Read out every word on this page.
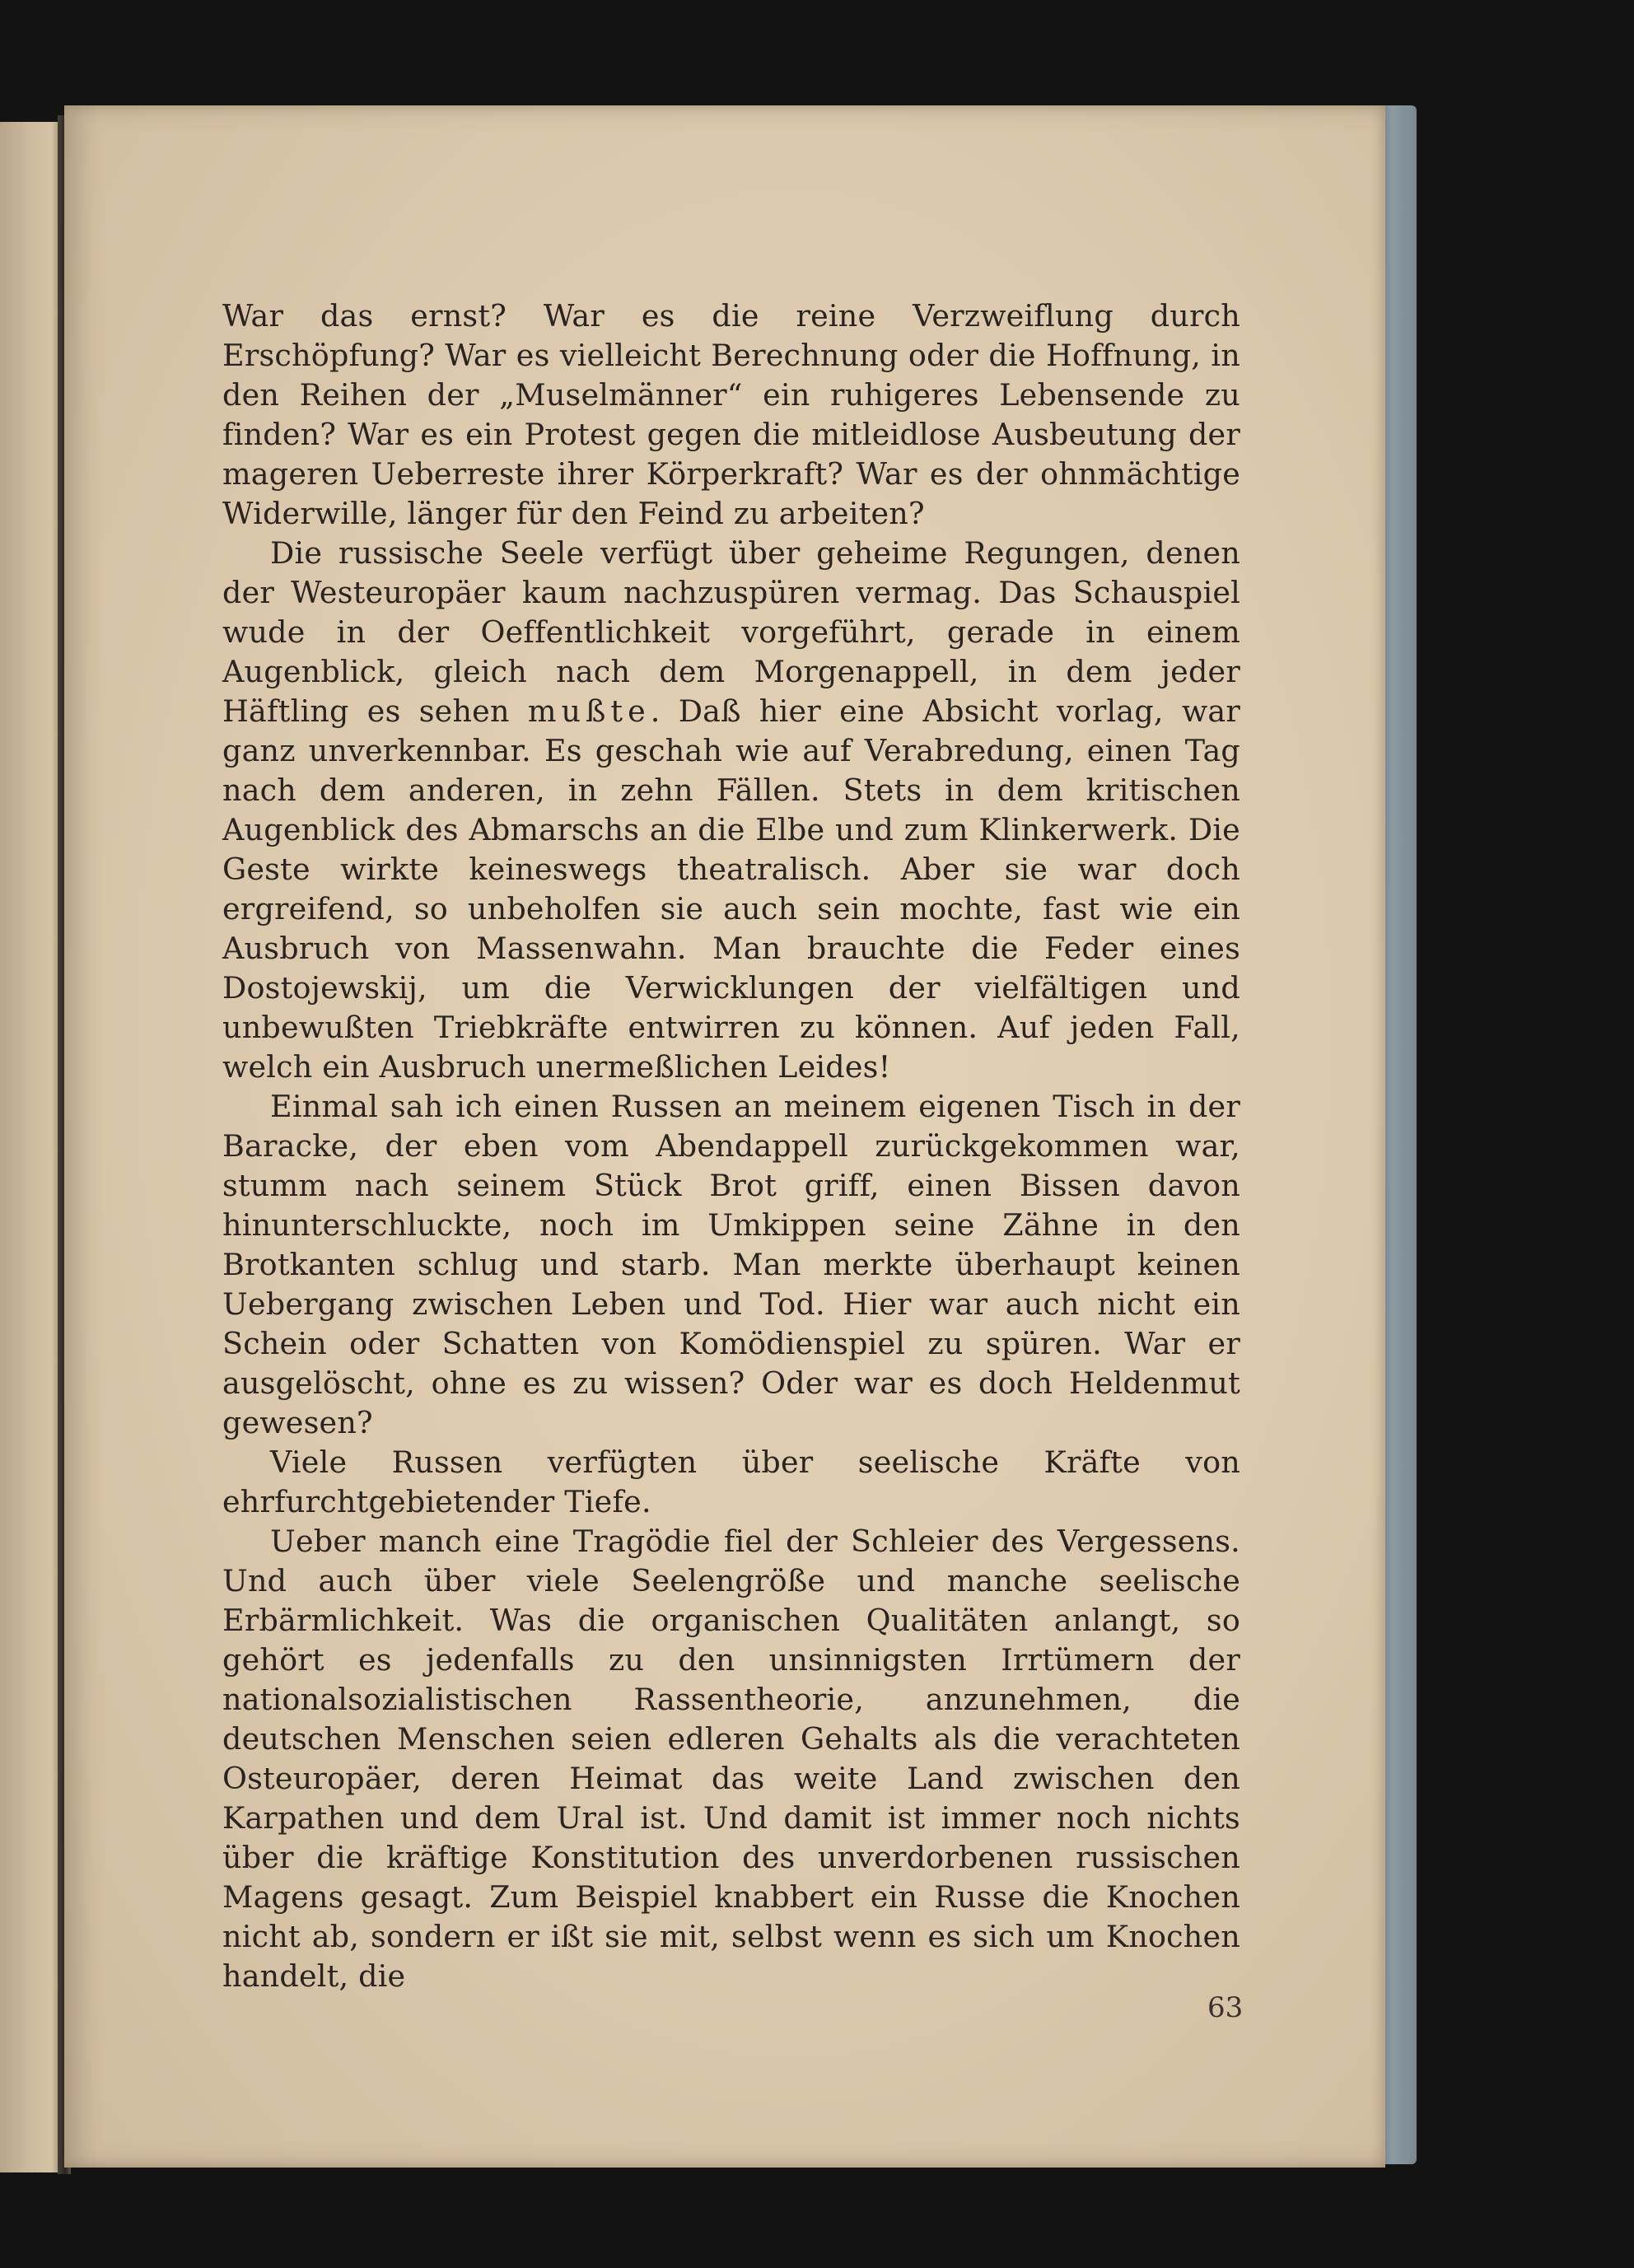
War das ernst? War es die reine Verzweiflung durch Erschöpfung? War es vielleicht Berechnung oder die Hoffnung, in den Reihen der „Muselmänner“ ein ruhigeres Lebensende zu finden? War es ein Protest gegen die mitleidlose Ausbeutung der mageren Ueberreste ihrer Körperkraft? War es der ohnmächtige Widerwille, länger für den Feind zu arbeiten?

Die russische Seele verfügt über geheime Regungen, denen der Westeuropäer kaum nachzuspüren vermag. Das Schauspiel wude in der Oeffentlichkeit vorgeführt, gerade in einem Augenblick, gleich nach dem Morgenappell, in dem jeder Häftling es sehen mußte. Daß hier eine Absicht vorlag, war ganz unverkennbar. Es geschah wie auf Verabredung, einen Tag nach dem anderen, in zehn Fällen. Stets in dem kritischen Augenblick des Abmarschs an die Elbe und zum Klinkerwerk. Die Geste wirkte keineswegs theatralisch. Aber sie war doch ergreifend, so unbeholfen sie auch sein mochte, fast wie ein Ausbruch von Massenwahn. Man brauchte die Feder eines Dostojewskij, um die Verwicklungen der vielfältigen und unbewußten Triebkräfte entwirren zu können. Auf jeden Fall, welch ein Ausbruch unermeßlichen Leides!

Einmal sah ich einen Russen an meinem eigenen Tisch in der Baracke, der eben vom Abendappell zurückgekommen war, stumm nach seinem Stück Brot griff, einen Bissen davon hinunterschluckte, noch im Umkippen seine Zähne in den Brotkanten schlug und starb. Man merkte überhaupt keinen Uebergang zwischen Leben und Tod. Hier war auch nicht ein Schein oder Schatten von Komödienspiel zu spüren. War er ausgelöscht, ohne es zu wissen? Oder war es doch Heldenmut gewesen?

Viele Russen verfügten über seelische Kräfte von ehrfurchtgebietender Tiefe.

Ueber manch eine Tragödie fiel der Schleier des Vergessens. Und auch über viele Seelengröße und manche seelische Erbärmlichkeit. Was die organischen Qualitäten anlangt, so gehört es jedenfalls zu den unsinnigsten Irrtümern der nationalsozialistischen Rassentheorie, anzunehmen, die deutschen Menschen seien edleren Gehalts als die verachteten Osteuropäer, deren Heimat das weite Land zwischen den Karpathen und dem Ural ist. Und damit ist immer noch nichts über die kräftige Konstitution des unverdorbenen russischen Magens gesagt. Zum Beispiel knabbert ein Russe die Knochen nicht ab, sondern er ißt sie mit, selbst wenn es sich um Knochen handelt, die

63
